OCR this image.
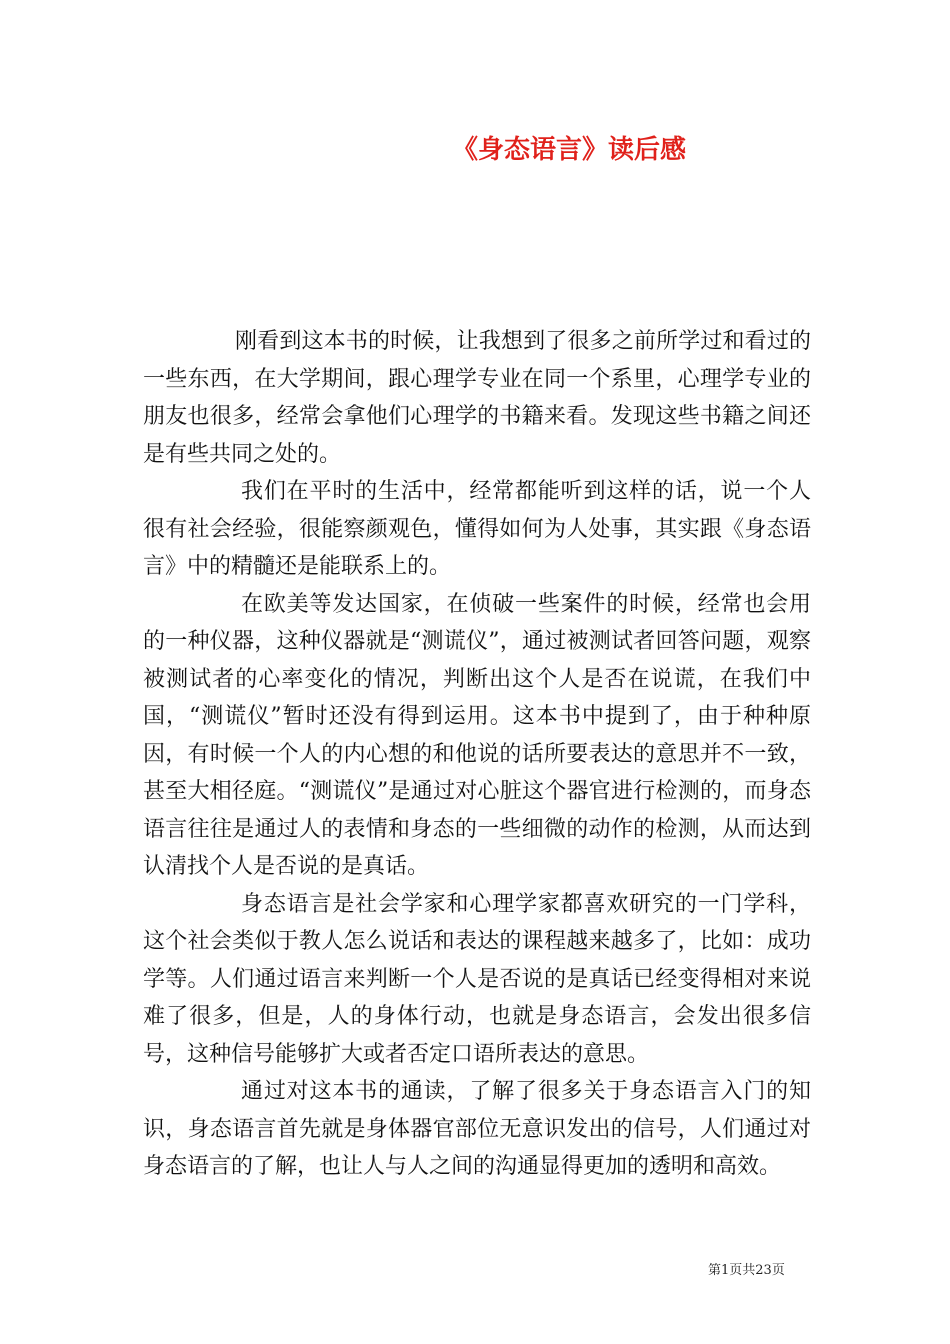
《身态语言》读后感

刚看到这本书的时候，让我想到了很多之前所学过和看过的一些东西，在大学期间，跟心理学专业在同一个系里，心理学专业的朋友也很多，经常会拿他们心理学的书籍来看。发现这些书籍之间还是有些共同之处的。

我们在平时的生活中，经常都能听到这样的话，说一个人很有社会经验，很能察颜观色，懂得如何为人处事，其实跟《身态语言》中的精髓还是能联系上的。

在欧美等发达国家，在侦破一些案件的时候，经常也会用的一种仪器，这种仪器就是“测谎仪”，通过被测试者回答问题，观察被测试者的心率变化的情况，判断出这个人是否在说谎，在我们中国，“测谎仪”暂时还没有得到运用。这本书中提到了，由于种种原因，有时候一个人的内心想的和他说的话所要表达的意思并不一致，甚至大相径庭。“测谎仪”是通过对心脏这个器官进行检测的，而身态语言往往是通过人的表情和身态的一些细微的动作的检测，从而达到认清找个人是否说的是真话。

身态语言是社会学家和心理学家都喜欢研究的一门学科，这个社会类似于教人怎么说话和表达的课程越来越多了，比如：成功学等。人们通过语言来判断一个人是否说的是真话已经变得相对来说难了很多，但是，人的身体行动，也就是身态语言，会发出很多信号，这种信号能够扩大或者否定口语所表达的意思。

通过对这本书的通读，了解了很多关于身态语言入门的知识，身态语言首先就是身体器官部位无意识发出的信号，人们通过对身态语言的了解，也让人与人之间的沟通显得更加的透明和高效。

第1页共23页
